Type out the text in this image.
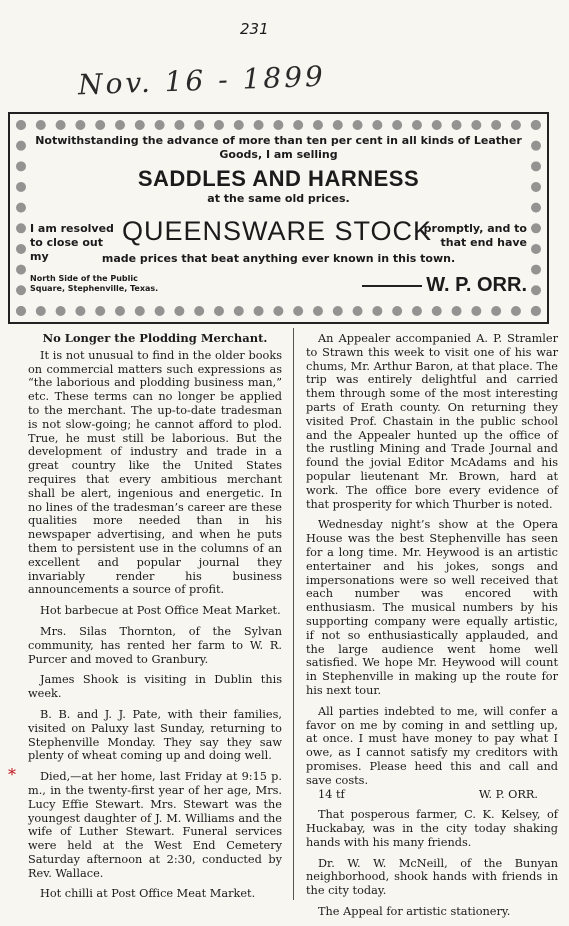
231
Nov. 16 - 1899
Notwithstanding the advance of more than ten per cent in all kinds of Leather Goods, I am selling
SADDLES AND HARNESS
at the same old prices.
I am resolved to close out my
QUEENSWARE STOCK
promptly, and to that end have
made prices that beat anything ever known in this town.
North Side of the Public Square, Stephenville, Texas.	W. P. ORR.
No Longer the Plodding Merchant.

It is not unusual to find in the older books on commercial matters such expressions as “the laborious and plodding business man,” etc. These terms can no longer be applied to the merchant. The up-to-date tradesman is not slow-going; he cannot afford to plod. True, he must still be laborious. But the development of industry and trade in a great country like the United States requires that every ambitious merchant shall be alert, ingenious and energetic. In no lines of the tradesman’s career are these qualities more needed than in his newspaper advertising, and when he puts them to persistent use in the columns of an excellent and popular journal they invariably render his business announcements a source of profit.

Hot barbecue at Post Office Meat Market.

Mrs. Silas Thornton, of the Sylvan community, has rented her farm to W. R. Purcer and moved to Granbury.

James Shook is visiting in Dublin this week.

B. B. and J. J. Pate, with their families, visited on Paluxy last Sunday, returning to Stephenville Monday. They say they saw plenty of wheat coming up and doing well.

*	Died,—at her home, last Friday at 9:15 p. m., in the twenty-first year of her age, Mrs. Lucy Effie Stewart. Mrs. Stewart was the youngest daughter of J. M. Williams and the wife of Luther Stewart. Funeral services were held at the West End Cemetery Saturday afternoon at 2:30, conducted by Rev. Wallace.

Hot chilli at Post Office Meat Market.

An Appealer accompanied A. P. Stramler to Strawn this week to visit one of his war chums, Mr. Arthur Baron, at that place. The trip was entirely delightful and carried them through some of the most interesting parts of Erath county. On returning they visited Prof. Chastain in the public school and the Appealer hunted up the office of the rustling Mining and Trade Journal and found the jovial Editor McAdams and his popular lieutenant Mr. Brown, hard at work. The office bore every evidence of that prosperity for which Thurber is noted.

Wednesday night’s show at the Opera House was the best Stephenville has seen for a long time. Mr. Heywood is an artistic entertainer and his jokes, songs and impersonations were so well received that each number was encored with enthusiasm. The musical numbers by his supporting company were equally artistic, if not so enthusiastically applauded, and the large audience went home well satisfied. We hope Mr. Heywood will count in Stephenville in making up the route for his next tour.

All parties indebted to me, will confer a favor on me by coming in and settling up, at once. I must have money to pay what I owe, as I cannot satisfy my creditors with promises. Please heed this and call and save costs.

14 tf	W. P. ORR.

That posperous farmer, C. K. Kelsey, of Huckabay, was in the city today shaking hands with his many friends.

Dr. W. W. McNeill, of the Bunyan neighborhood, shook hands with friends in the city today.

The Appeal for artistic stationery.
